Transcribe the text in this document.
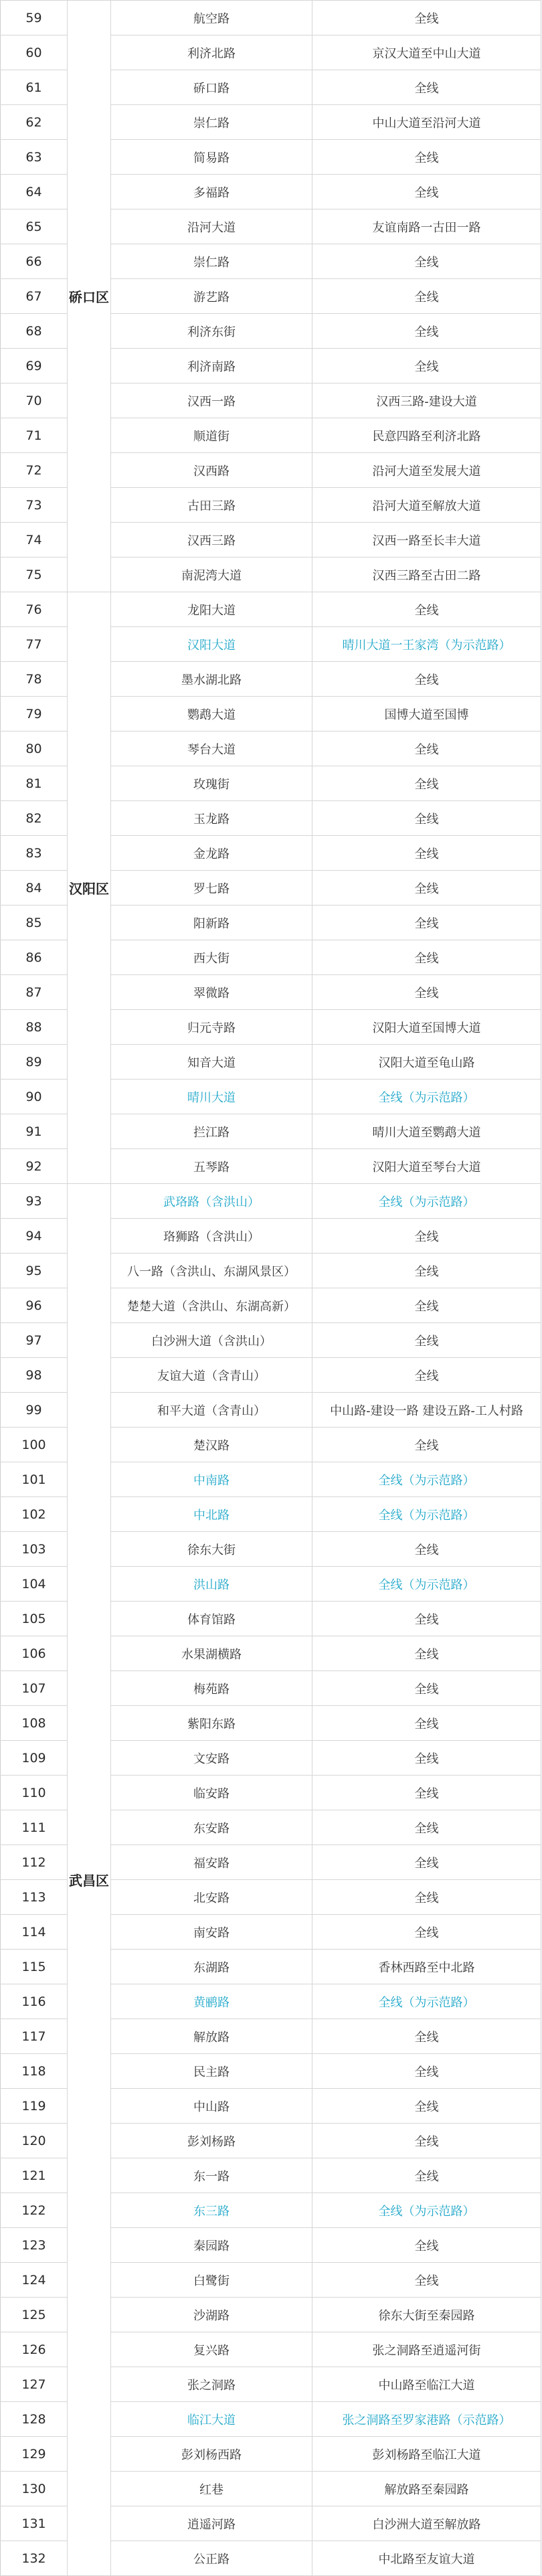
59	硚口区	航空路	全线
60		利济北路	京汉大道至中山大道
61		硚口路	全线
62		崇仁路	中山大道至沿河大道
63		简易路	全线
64		多福路	全线
65		沿河大道	友谊南路一古田一路
66		崇仁路	全线
67		游艺路	全线
68		利济东街	全线
69		利济南路	全线
70		汉西一路	汉西三路-建设大道
71		顺道街	民意四路至利济北路
72		汉西路	沿河大道至发展大道
73		古田三路	沿河大道至解放大道
74		汉西三路	汉西一路至长丰大道
75		南泥湾大道	汉西三路至古田二路
76	汉阳区	龙阳大道	全线
77		汉阳大道	晴川大道一王家湾（为示范路）
78		墨水湖北路	全线
79		鹦鹉大道	国博大道至国博
80		琴台大道	全线
81		玫瑰街	全线
82		玉龙路	全线
83		金龙路	全线
84		罗七路	全线
85		阳新路	全线
86		西大街	全线
87		翠微路	全线
88		归元寺路	汉阳大道至国博大道
89		知音大道	汉阳大道至龟山路
90		晴川大道	全线（为示范路）
91		拦江路	晴川大道至鹦鹉大道
92		五琴路	汉阳大道至琴台大道
93	武昌区	武珞路（含洪山）	全线（为示范路）
94		珞狮路（含洪山）	全线
95		八一路（含洪山、东湖风景区）	全线
96		楚楚大道（含洪山、东湖高新）	全线
97		白沙洲大道（含洪山）	全线
98		友谊大道（含青山）	全线
99		和平大道（含青山）	中山路-建设一路 建设五路-工人村路
100		楚汉路	全线
101		中南路	全线（为示范路）
102		中北路	全线（为示范路）
103		徐东大街	全线
104		洪山路	全线（为示范路）
105		体育馆路	全线
106		水果湖横路	全线
107		梅苑路	全线
108		紫阳东路	全线
109		文安路	全线
110		临安路	全线
111		东安路	全线
112		福安路	全线
113		北安路	全线
114		南安路	全线
115		东湖路	香林西路至中北路
116		黄鹂路	全线（为示范路）
117		解放路	全线
118		民主路	全线
119		中山路	全线
120		彭刘杨路	全线
121		东一路	全线
122		东三路	全线（为示范路）
123		秦园路	全线
124		白鹭街	全线
125		沙湖路	徐东大街至秦园路
126		复兴路	张之洞路至逍遥河街
127		张之洞路	中山路至临江大道
128		临江大道	张之洞路至罗家港路（示范路）
129		彭刘杨西路	彭刘杨路至临江大道
130		红巷	解放路至秦园路
131		逍遥河路	白沙洲大道至解放路
132		公正路	中北路至友谊大道
